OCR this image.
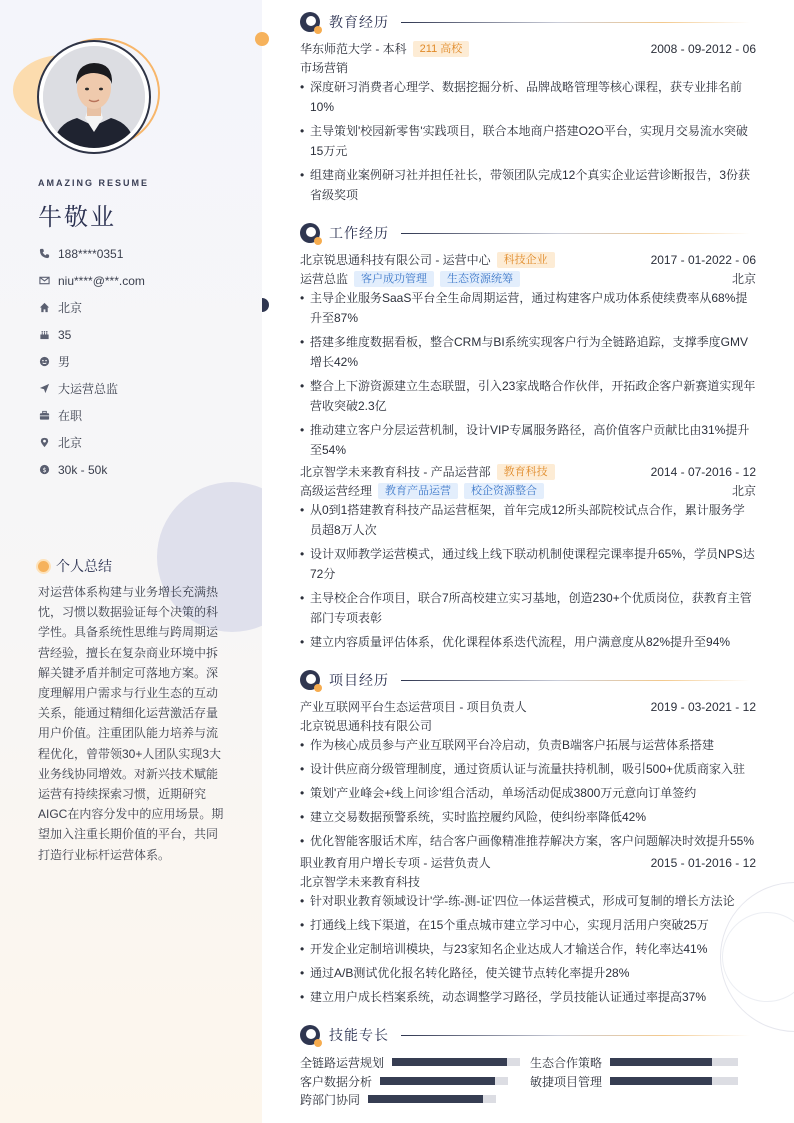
AMAZING RESUME
牛敬业
188****0351
niu****@***.com
北京
35
男
大运营总监
在职
北京
$ 30k - 50k
个人总结
对运营体系构建与业务增长充满热忱，习惯以数据验证每个决策的科学性。具备系统性思维与跨周期运营经验，擅长在复杂商业环境中拆解关键矛盾并制定可落地方案。深度理解用户需求与行业生态的互动关系，能通过精细化运营激活存量用户价值。注重团队能力培养与流程优化，曾带领30+人团队实现3大业务线协同增效。对新兴技术赋能运营有持续探索习惯，近期研究AIGC在内容分发中的应用场景。期望加入注重长期价值的平台，共同打造行业标杆运营体系。
教育经历
华东师范大学 - 本科	211 高校	2008 - 09-2012 - 06
市场营销
• 深度研习消费者心理学、数据挖掘分析、品牌战略管理等核心课程，获专业排名前10%
• 主导策划'校园新零售'实践项目，联合本地商户搭建O2O平台，实现月交易流水突破15万元
• 组建商业案例研习社并担任社长，带领团队完成12个真实企业运营诊断报告，3份获省级奖项
工作经历
北京锐思通科技有限公司 - 运营中心	科技企业	2017 - 01-2022 - 06
运营总监	客户成功管理	生态资源统筹	北京
• 主导企业服务SaaS平台全生命周期运营，通过构建客户成功体系使续费率从68%提升至87%
• 搭建多维度数据看板，整合CRM与BI系统实现客户行为全链路追踪，支撑季度GMV增长42%
• 整合上下游资源建立生态联盟，引入23家战略合作伙伴，开拓政企客户新赛道实现年营收突破2.3亿
• 推动建立客户分层运营机制，设计VIP专属服务路径，高价值客户贡献比由31%提升至54%
北京智学未来教育科技 - 产品运营部	教育科技	2014 - 07-2016 - 12
高级运营经理	教育产品运营	校企资源整合	北京
• 从0到1搭建教育科技产品运营框架，首年完成12所头部院校试点合作，累计服务学员超8万人次
• 设计双师教学运营模式，通过线上线下联动机制使课程完课率提升65%，学员NPS达72分
• 主导校企合作项目，联合7所高校建立实习基地，创造230+个优质岗位，获教育主管部门专项表彰
• 建立内容质量评估体系，优化课程体系迭代流程，用户满意度从82%提升至94%
项目经历
产业互联网平台生态运营项目 - 项目负责人	2019 - 03-2021 - 12
北京锐思通科技有限公司
• 作为核心成员参与产业互联网平台冷启动，负责B端客户拓展与运营体系搭建
• 设计供应商分级管理制度，通过资质认证与流量扶持机制，吸引500+优质商家入驻
• 策划'产业峰会+线上问诊'组合活动，单场活动促成3800万元意向订单签约
• 建立交易数据预警系统，实时监控履约风险，使纠纷率降低42%
• 优化智能客服话术库，结合客户画像精准推荐解决方案，客户问题解决时效提升55%
职业教育用户增长专项 - 运营负责人	2015 - 01-2016 - 12
北京智学未来教育科技
• 针对职业教育领域设计'学-练-测-证'四位一体运营模式，形成可复制的增长方法论
• 打通线上线下渠道，在15个重点城市建立学习中心，实现月活用户突破25万
• 开发企业定制培训模块，与23家知名企业达成人才输送合作，转化率达41%
• 通过A/B测试优化报名转化路径，使关键节点转化率提升28%
• 建立用户成长档案系统，动态调整学习路径，学员技能认证通过率提高37%
技能专长
全链路运营规划	生态合作策略
客户数据分析	敏捷项目管理
跨部门协同
